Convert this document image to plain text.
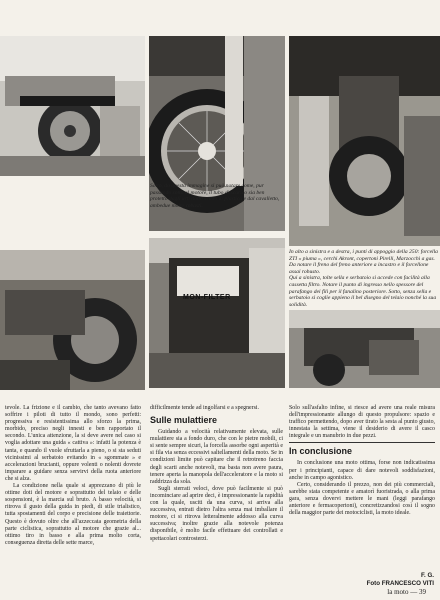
MON-FILTER

Sotto, da questa immagine si può notare come, pur passando sotto al motore, il tubo di scarico sia ben protetto dagli urti dallo scudo di plastica e dal cavalletto, ambedue molto robusti.

In alto a sinistra e a destra, i punti di appoggio della 250: forcella ZTI « piuma », cerchi Akront, copertoni Pirelli, Marzocchi a gas. Da notare il freno del freno anteriore a incastro e il forcellone assai robusto.

Qui a sinistra, tolte sella e serbatoio si accede con facilità alla cassetta filtro. Notare il punto di ingresso nello spessore del parafango dei fili per il fanalino posteriore. Sotto, senza sella e serbatoio si coglie appieno il bel disegno del telaio nonché la sua solidità.

tevole. La frizione e il cambio, che tanto avevano fatto soffrire i piloti di tutto il mondo, sono perfetti: progressiva e resistentissima allo sforzo la prima, morbido, preciso negli innesti e ben rapportato il secondo. L'unica attenzione, la si deve avere nel caso si voglia adottare una guida « cattiva »: infatti la potenza è tanta, e quando il vuole sfruttarla a pieno, o si sta seduti vicinissimi al serbatoio evitando in « sgommate » e accelerazioni brucianti, oppure volenti o nolenti dovrete imparare a guidare senza servirvi della ruota anteriore che si alza.

La condizione nella quale si apprezzano di più le ottime doti del motore e soprattutto del telaio e delle sospensioni, è la marcia sul bruto. A basso velocità, si ritrova il gusto della guida in piedi, di stile trialistico, tutta spostamenti del corpo e precisione delle traiettorie. Questo è dovuto oltre che all'azzeccata geometria della parte ciclistica, soprattutto al motore che grazie al... ottimo tiro in basso e alla prima molto corta, conseguenza diretta delle sette marce,

difficilmente tende ad ingolfarsi e a spegnersi.

Sulle mulattiere

Guidando a velocità relativamente elevata, sulle mulattiere sia a fondo duro, che con le pietre mobili, ci si sente sempre sicuri, la forcella assorbe ogni asperità e si fila via senza eccessivi saltellamenti della moto. Se in condizioni limite può capitare che il retrotreno faccia degli scarti anche notevoli, ma basta non avere paura, tenere aperta la manopola dell'acceleratore e la moto si raddrizza da sola.

Sugli sterrati veloci, dove può facilmente si può incominciare ad aprire deci, è impressionante la rapidità con la quale, usciti da una curva, si arriva alla successiva, entrati dietro l'altra senza mai imballare il motore, ci si ritrova letteralmente addosso alla curva successiva; inoltre grazie alla notevole potenza disponibile, è molto facile effettuare dei controllati e spettacolari controsterzi.

Solo sull'asfalto infine, si riesce ad avere una reale misura dell'impressionante allungo di questo propulsore: spazio e traffico permettendo, dopo aver tirato la sesta al punto giusto, innestata la settima, viene il desiderio di avere il casco integrale e un manubrio in due pezzi.

In conclusione

In conclusione una moto ottima, forse non indicatissima per i principianti, capace di dare notevoli soddisfazioni, anche in campo agonistico.

Certo, considerando il prezzo, non dei più commerciali, sarebbe stata competente e amatorì fuoristrada, o alla prima gara, senza dovervi mettere le mani (leggi parafango anteriore e fermacopertoni), concretizzandosi così il sogno della maggior parte dei motociclisti, la moto ideale.

F. G.
Foto FRANCESCO VITI
la moto — 39
